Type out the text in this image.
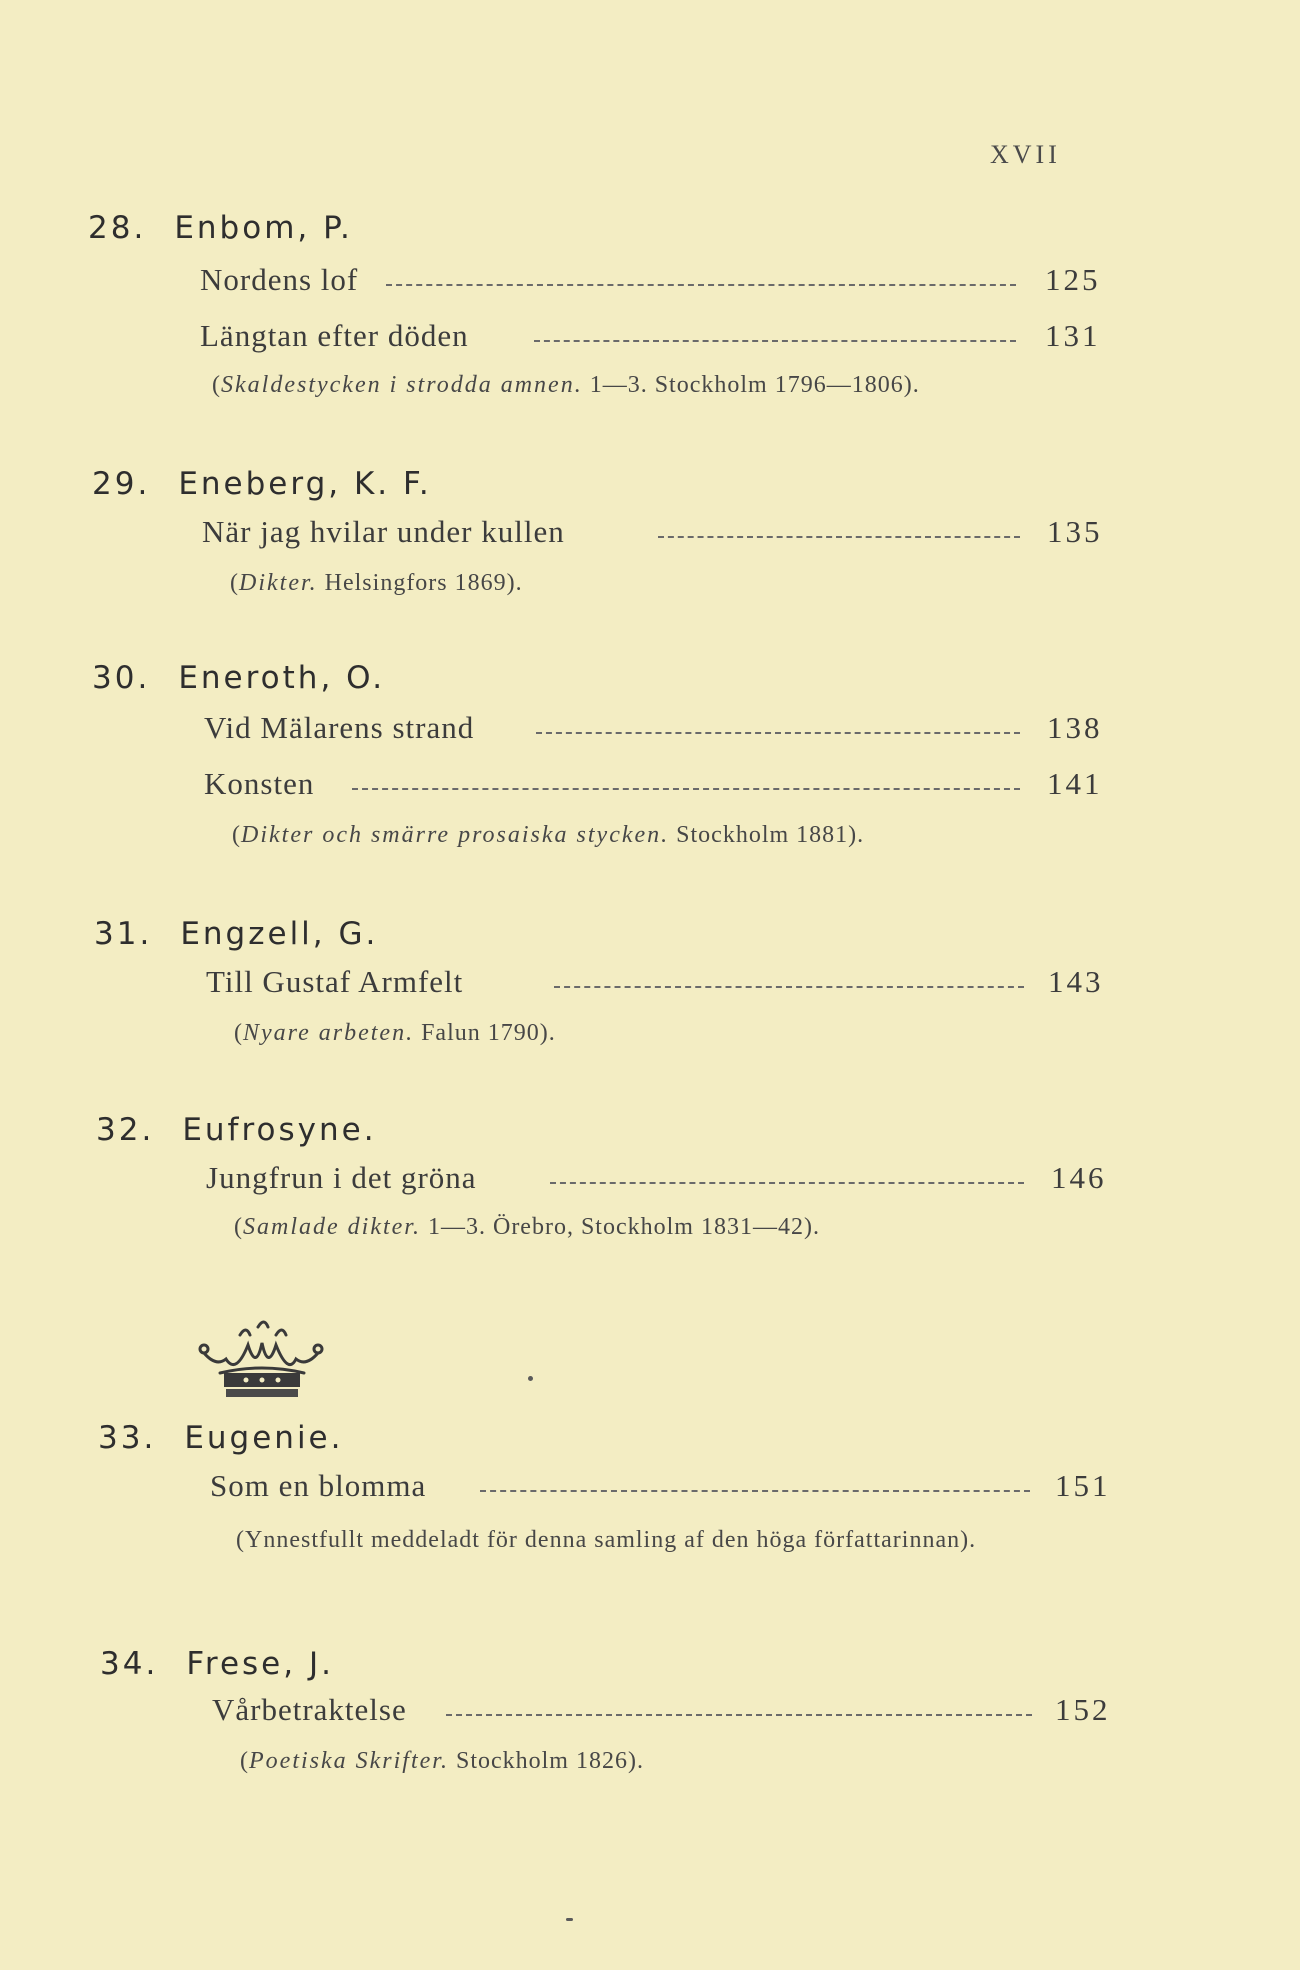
XVII
28. Enbom, P.
Nordens lof	125
Längtan efter döden	131
(Skaldestycken i strodda amnen. 1—3. Stockholm 1796—1806).
29. Eneberg, K. F.
När jag hvilar under kullen	135
(Dikter. Helsingfors 1869).
30. Eneroth, O.
Vid Mälarens strand	138
Konsten	141
(Dikter och smärre prosaiska stycken. Stockholm 1881).
31. Engzell, G.
Till Gustaf Armfelt	143
(Nyare arbeten. Falun 1790).
32. Eufrosyne.
Jungfrun i det gröna	146
(Samlade dikter. 1—3. Örebro, Stockholm 1831—42).
33. Eugenie.
Som en blomma	151
(Ynnestfullt meddeladt för denna samling af den höga författarinnan).
34. Frese, J.
Vårbetraktelse	152
(Poetiska Skrifter. Stockholm 1826).
